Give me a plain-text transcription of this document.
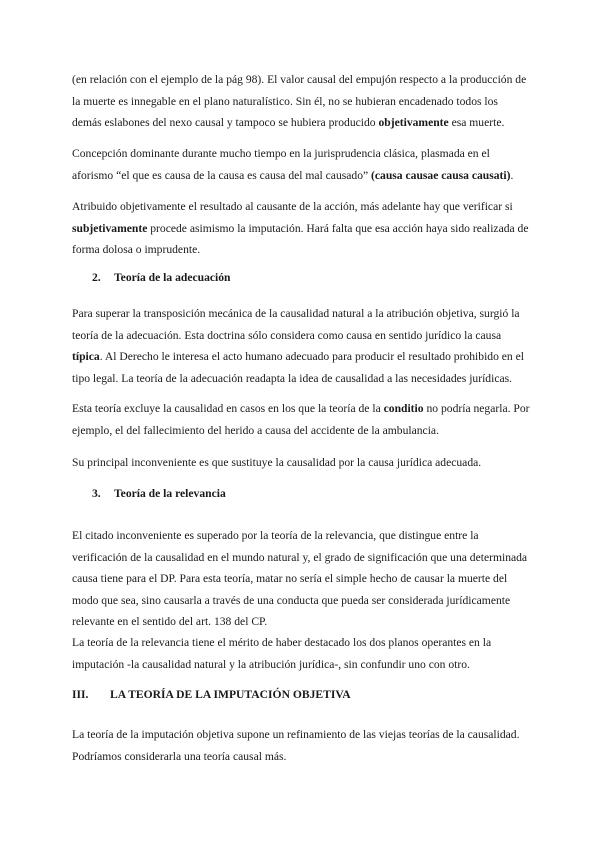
(en relación con el ejemplo de la pág 98). El valor causal del empujón respecto a la producción de la muerte es innegable en el plano naturalístico. Sin él, no se hubieran encadenado todos los demás eslabones del nexo causal y tampoco se hubiera producido objetivamente esa muerte.

Concepción dominante durante mucho tiempo en la jurisprudencia clásica, plasmada en el aforismo “el que es causa de la causa es causa del mal causado” (causa causae causa causati).

Atribuido objetivamente el resultado al causante de la acción, más adelante hay que verificar si subjetivamente procede asimismo la imputación. Hará falta que esa acción haya sido realizada de forma dolosa o imprudente.

2. Teoría de la adecuación

Para superar la transposición mecánica de la causalidad natural a la atribución objetiva, surgió la teoría de la adecuación. Esta doctrina sólo considera como causa en sentido jurídico la causa típica. Al Derecho le interesa el acto humano adecuado para producir el resultado prohibido en el tipo legal. La teoría de la adecuación readapta la idea de causalidad a las necesidades jurídicas.

Esta teoría excluye la causalidad en casos en los que la teoría de la conditio no podría negarla. Por ejemplo, el del fallecimiento del herido a causa del accidente de la ambulancia.

Su principal inconveniente es que sustituye la causalidad por la causa jurídica adecuada.

3. Teoría de la relevancia

El citado inconveniente es superado por la teoría de la relevancia, que distingue entre la verificación de la causalidad en el mundo natural y, el grado de significación que una determinada causa tiene para el DP. Para esta teoría, matar no sería el simple hecho de causar la muerte del modo que sea, sino causarla a través de una conducta que pueda ser considerada jurídicamente relevante en el sentido del art. 138 del CP.

La teoría de la relevancia tiene el mérito de haber destacado los dos planos operantes en la imputación -la causalidad natural y la atribución jurídica-, sin confundir uno con otro.

III. LA TEORÍA DE LA IMPUTACIÓN OBJETIVA

La teoría de la imputación objetiva supone un refinamiento de las viejas teorías de la causalidad. Podríamos considerarla una teoría causal más.
